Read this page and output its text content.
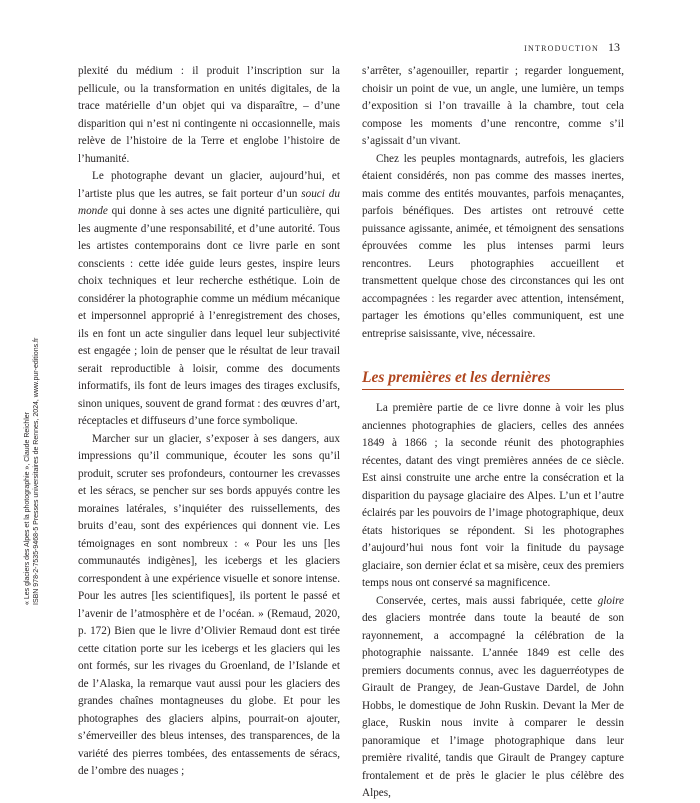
INTRODUCTION 13

plexité du médium : il produit l’inscription sur la pellicule, ou la transformation en unités digitales, de la trace matérielle d’un objet qui va disparaître, – d’une disparition qui n’est ni contingente ni occasionnelle, mais relève de l’histoire de la Terre et englobe l’histoire de l’humanité.

Le photographe devant un glacier, aujourd’hui, et l’artiste plus que les autres, se fait porteur d’un souci du monde qui donne à ses actes une dignité particulière, qui les augmente d’une responsabilité, et d’une autorité. Tous les artistes contemporains dont ce livre parle en sont conscients : cette idée guide leurs gestes, inspire leurs choix techniques et leur recherche esthétique. Loin de considérer la photographie comme un médium mécanique et impersonnel approprié à l’enregistrement des choses, ils en font un acte singulier dans lequel leur subjectivité est engagée ; loin de penser que le résultat de leur travail serait reproductible à loisir, comme des documents informatifs, ils font de leurs images des tirages exclusifs, sinon uniques, souvent de grand format : des œuvres d’art, réceptacles et diffuseurs d’une force symbolique.

Marcher sur un glacier, s’exposer à ses dangers, aux impressions qu’il communique, écouter les sons qu’il produit, scruter ses profondeurs, contourner les crevasses et les séracs, se pencher sur ses bords appuyés contre les moraines latérales, s’inquiéter des ruissellements, des bruits d’eau, sont des expériences qui donnent vie. Les témoignages en sont nombreux : « Pour les uns [les communautés indigènes], les icebergs et les glaciers correspondent à une expérience visuelle et sonore intense. Pour les autres [les scientifiques], ils portent le passé et l’avenir de l’atmosphère et de l’océan. » (Remaud, 2020, p. 172) Bien que le livre d’Olivier Remaud dont est tirée cette citation porte sur les icebergs et les glaciers qui les ont formés, sur les rivages du Groenland, de l’Islande et de l’Alaska, la remarque vaut aussi pour les glaciers des grandes chaînes montagneuses du globe. Et pour les photographes des glaciers alpins, pourrait-on ajouter, s’émerveiller des bleus intenses, des transparences, de la variété des pierres tombées, des entassements de séracs, de l’ombre des nuages ;

s’arrêter, s’agenouiller, repartir ; regarder longuement, choisir un point de vue, un angle, une lumière, un temps d’exposition si l’on travaille à la chambre, tout cela compose les moments d’une rencontre, comme s’il s’agissait d’un vivant.

Chez les peuples montagnards, autrefois, les glaciers étaient considérés, non pas comme des masses inertes, mais comme des entités mouvantes, parfois menaçantes, parfois bénéfiques. Des artistes ont retrouvé cette puissance agissante, animée, et témoignent des sensations éprouvées comme les plus intenses parmi leurs rencontres. Leurs photographies accueillent et transmettent quelque chose des circonstances qui les ont accompagnées : les regarder avec attention, intensément, partager les émotions qu’elles communiquent, est une entreprise saisissante, vive, nécessaire.

Les premières et les dernières

La première partie de ce livre donne à voir les plus anciennes photographies de glaciers, celles des années 1849 à 1866 ; la seconde réunit des photographies récentes, datant des vingt premières années de ce siècle. Est ainsi construite une arche entre la consécration et la disparition du paysage glaciaire des Alpes. L’un et l’autre éclairés par les pouvoirs de l’image photographique, deux états historiques se répondent. Si les photographes d’aujourd’hui nous font voir la finitude du paysage glaciaire, son dernier éclat et sa misère, ceux des premiers temps nous ont conservé sa magnificence.

Conservée, certes, mais aussi fabriquée, cette gloire des glaciers montrée dans toute la beauté de son rayonnement, a accompagné la célébration de la photographie naissante. L’année 1849 est celle des premiers documents connus, avec les daguerréotypes de Girault de Prangey, de Jean-Gustave Dardel, de John Hobbs, le domestique de John Ruskin. Devant la Mer de glace, Ruskin nous invite à comparer le dessin panoramique et l’image photographique dans leur première rivalité, tandis que Girault de Prangey capture frontalement et de près le glacier le plus célèbre des Alpes,

« Les glaciers des Alpes et la photographie », Claude Reichler ISBN 978-2-7535-9468-5 Presses universitaires de Rennes, 2024, www.pur-editions.fr
